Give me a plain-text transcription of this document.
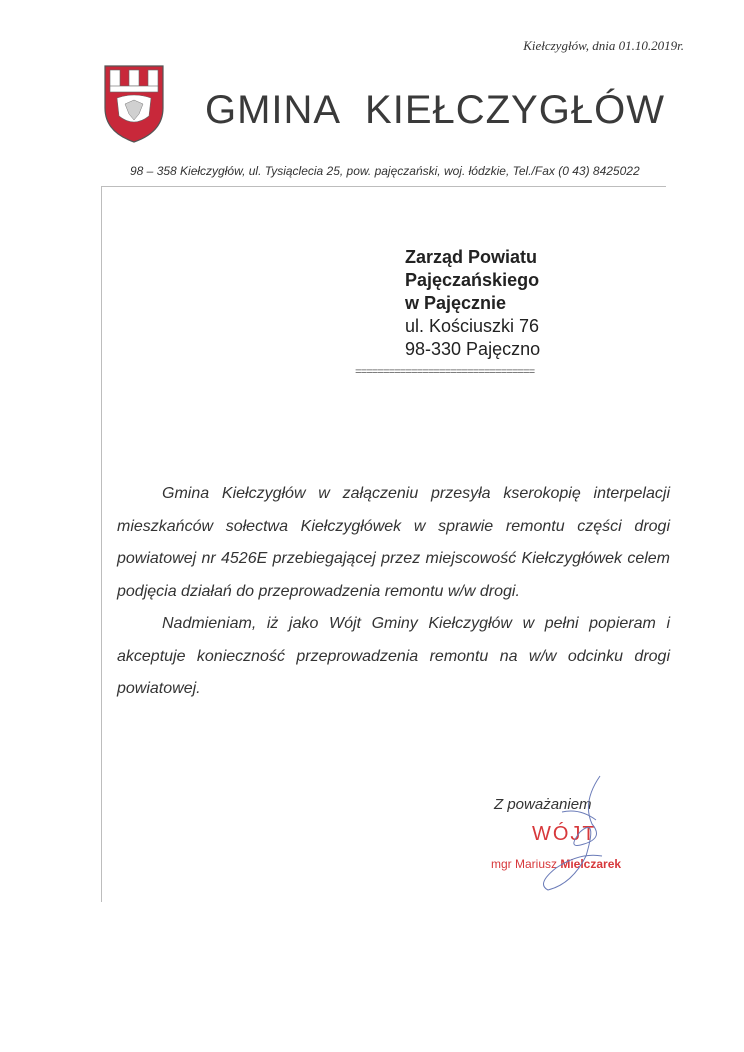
Kiełczygłów, dnia 01.10.2019r.
GMINA KIEŁCZYGŁÓW
98 – 358 Kiełczygłów, ul. Tysiąclecia 25, pow. pajęczański, woj. łódzkie, Tel./Fax (0 43) 8425022
Zarząd Powiatu
Pajęczańskiego
w Pajęcznie
ul. Kościuszki 76
98-330 Pajęczno
================================

Gmina Kiełczygłów w załączeniu przesyła kserokopię interpelacji mieszkańców sołectwa Kiełczygłówek w sprawie remontu części drogi powiatowej nr 4526E przebiegającej przez miejscowość Kiełczygłówek celem podjęcia działań do przeprowadzenia remontu w/w drogi.

Nadmieniam, iż jako Wójt Gminy Kiełczygłów w pełni popieram i akceptuje konieczność przeprowadzenia remontu na w/w odcinku drogi powiatowej.

Z poważaniem
WÓJT
mgr Mariusz Mielczarek
